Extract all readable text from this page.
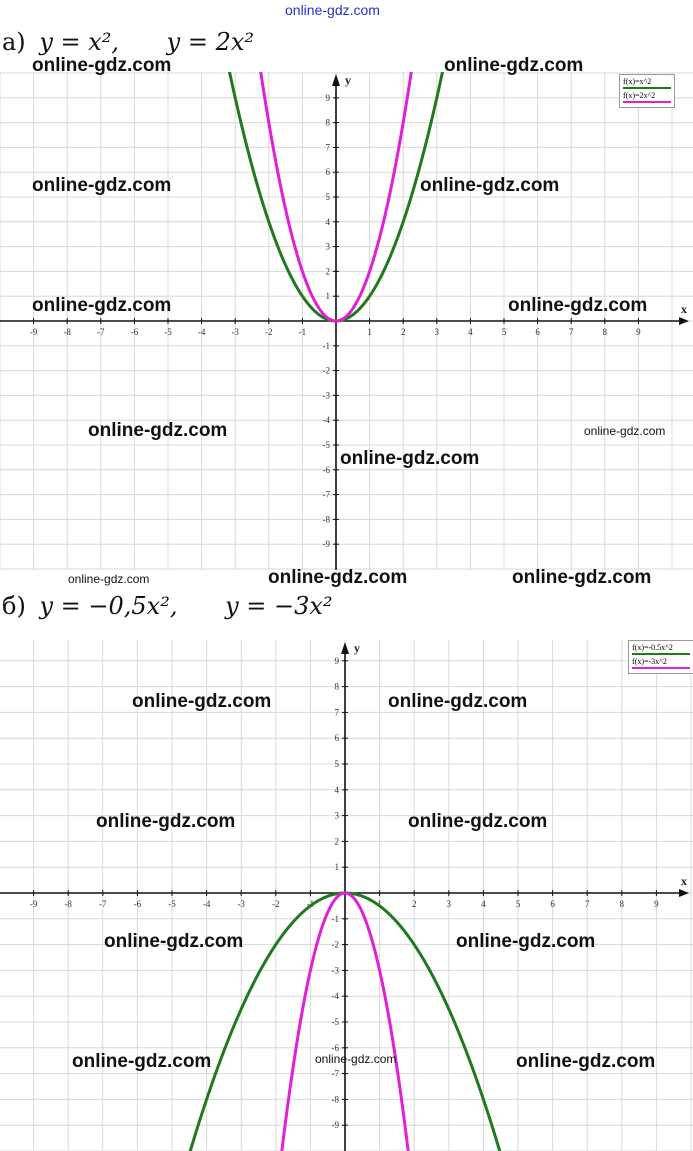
online-gdz.com
а) y = x², y = 2x²
б) y = −0,5x², y = −3x²
x
y
-9	-8	-7	-6	-5	-4	-3	-2	-1	1	2	3	4	5	6	7	8	9
-9
-8
-7
-6
-5
-4
-3
-2
-1
1
2
3
4
5
6
7
8
9
x
y
-9	-8	-7	-6	-5	-4	-3	-2	-1	1	2	3	4	5	6	7	8	9
-9
-8
-7
-6
-5
-4
-3
-2
-1
1
2
3
4
5
6
7
8
9
f(x)=x^2
f(x)=2x^2
f(x)=-0.5x^2
f(x)=-3x^2
online-gdz.com	online-gdz.com
online-gdz.com	online-gdz.com
online-gdz.com	online-gdz.com
online-gdz.com	online-gdz.com
online-gdz.com
online-gdz.com	online-gdz.com	online-gdz.com
online-gdz.com	online-gdz.com
online-gdz.com	online-gdz.com
online-gdz.com	online-gdz.com
online-gdz.com	online-gdz.com	online-gdz.com
